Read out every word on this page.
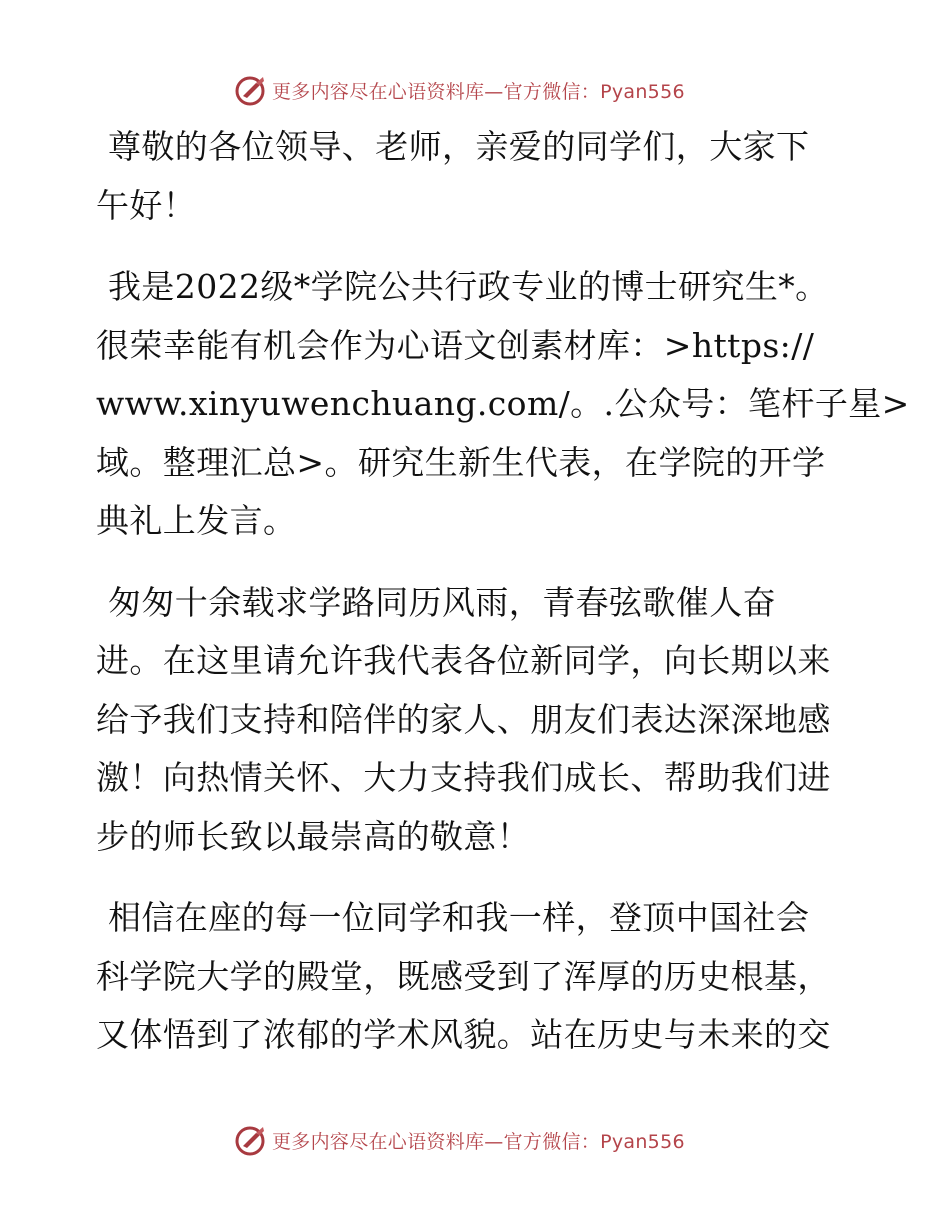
更多内容尽在心语资料库—官方微信：Pyan556
尊敬的各位领导、老师，亲爱的同学们，大家下
午好！
我是2022级*学院公共行政专业的博士研究生*。
很荣幸能有机会作为心语文创素材库：>https://
www.xinyuwenchuang.com/。.公众号：笔杆子星>
域。整理汇总>。研究生新生代表，在学院的开学
典礼上发言。
匆匆十余载求学路同历风雨，青春弦歌催人奋
进。在这里请允许我代表各位新同学，向长期以来
给予我们支持和陪伴的家人、朋友们表达深深地感
激！向热情关怀、大力支持我们成长、帮助我们进
步的师长致以最崇高的敬意！
相信在座的每一位同学和我一样，登顶中国社会
科学院大学的殿堂，既感受到了浑厚的历史根基，
又体悟到了浓郁的学术风貌。站在历史与未来的交
更多内容尽在心语资料库—官方微信：Pyan556
